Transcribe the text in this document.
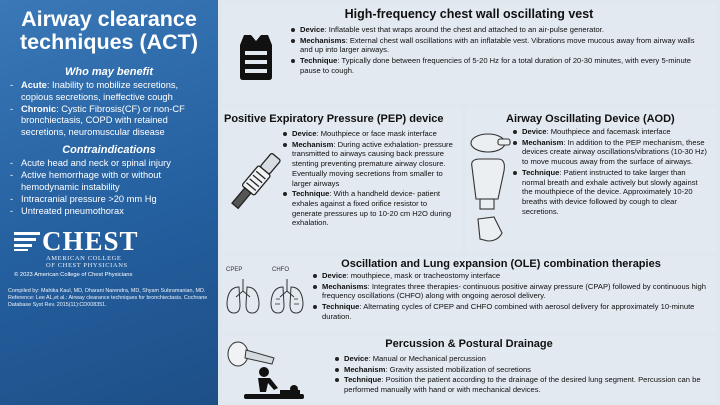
Airway clearance techniques (ACT)
Who may benefit
- Acute: Inability to mobilize secretions, copious secretions, ineffective cough
- Chronic: Cystic Fibrosis(CF) or non-CF bronchiectasis, COPD with retained secretions, neuromuscular disease
Contraindications
- Acute head and neck or spinal injury
- Active hemorrhage with or without hemodynamic instability
- Intracranial pressure >20 mm Hg
- Untreated pneumothorax
CHEST
AMERICAN COLLEGE
OF CHEST PHYSICIANS
© 2023 American College of Chest Physicians
Compiled by: Mahika Kaul, MD, Dharani Narendra, MD, Shyam Subramanian, MD.
Reference: Lee AL,et al.: Airway clearance techniques for bronchiectasis. Cochrane Database Syst Rev. 2015(11):CD008351.
High-frequency chest wall oscillating vest
Device: Inflatable vest that wraps around the chest and attached to an air-pulse generator.
Mechanisms: External chest wall oscillations with an inflatable vest. Vibrations move mucous away from airway walls and up into larger airways.
Technique: Typically done between frequencies of 5-20 Hz for a total duration of 20-30 minutes, with every 5-minute pause to cough.
Positive Expiratory Pressure (PEP) device
Device: Mouthpiece or face mask interface
Mechanism: During active exhalation- pressure transmitted to airways causing back pressure stenting preventing premature airway closure. Eventually moving secretions from smaller to larger airways
Technique: With a handheld device- patient exhales against a fixed orifice resistor to generate pressures up to 10-20 cm H2O during exhalation.
Airway Oscillating Device (AOD)
Device: Mouthpiece and facemask interface
Mechanism: In addition to the PEP mechanism, these devices create airway oscillations/vibrations (10-30 Hz) to move mucous away from the surface of airways.
Technique: Patient instructed to take larger than normal breath and exhale actively but slowly against the mouthpiece of the device. Approximately 10-20 breaths with device followed by cough to clear secretions.
Oscillation and Lung expansion (OLE) combination therapies
CPEP	CHFO
Device: mouthpiece, mask or tracheostomy interface
Mechanisms: Integrates three therapies- continuous positive airway pressure (CPAP) followed by continuous high frequency oscillations (CHFO) along with ongoing aerosol delivery.
Technique: Alternating cycles of CPEP and CHFO combined with aerosol delivery for approximately 10-minute duration.
Percussion & Postural Drainage
Device: Manual or Mechanical percussion
Mechanism: Gravity assisted mobilization of secretions
Technique: Position the patient according to the drainage of the desired lung segment. Percussion can be performed manually with hand or with mechanical devices.
